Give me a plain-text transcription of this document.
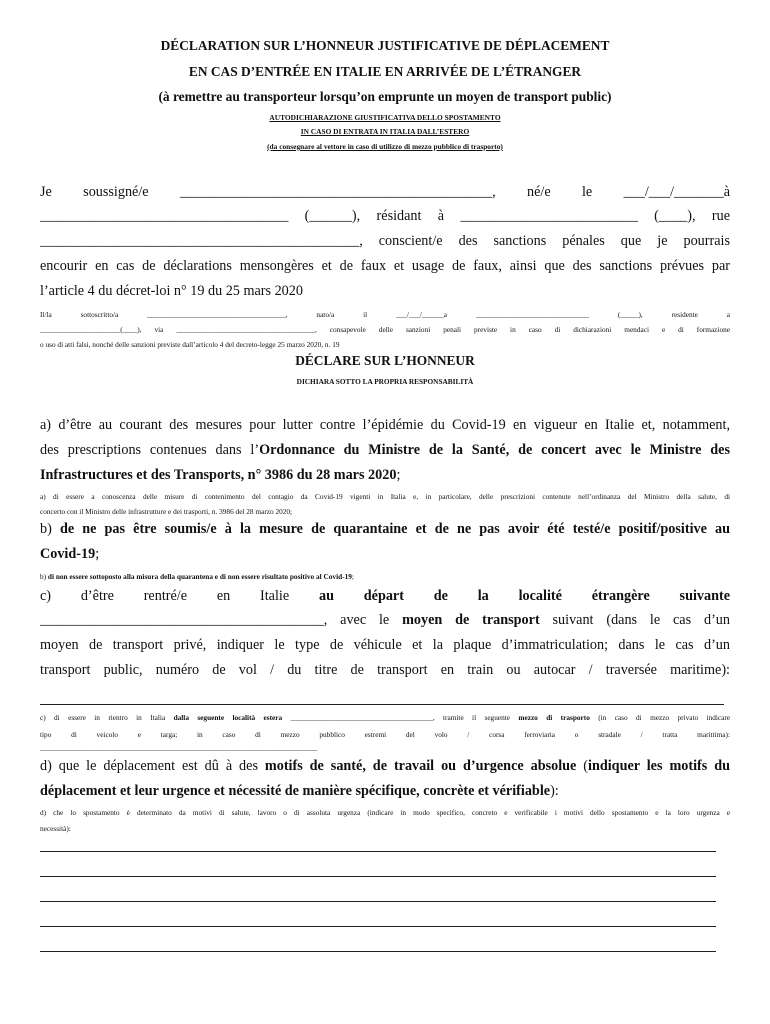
DÉCLARATION SUR L’HONNEUR JUSTIFICATIVE DE DÉPLACEMENT
EN CAS D’ENTRÉE EN ITALIE EN ARRIVÉE DE L’ÉTRANGER
(à remettre au transporteur lorsqu’on emprunte un moyen de transport public)
AUTODICHIARAZIONE GIUSTIFICATIVA DELLO SPOSTAMENTO
IN CASO DI ENTRATA IN ITALIA DALL’ESTERO
(da consegnare al vettore in caso di utilizzo di mezzo pubblico di trasporto)
Je soussigné/e ____________________________________________, né/e le ___/___/_______à
___________________________________ (______), résidant à _________________________ (____), rue
_____________________________________________, conscient/e des sanctions pénales que je pourrais
encourir en cas de déclarations mensongères et de faux et usage de faux, ainsi que des sanctions prévues par
l’article 4 du décret-loi n° 19 du 25 mars 2020
Il/la sottoscritto/a ______________________________________, nato/a il ___/___/______a _______________________________ (_____), residente a
______________________(____), via ______________________________________, consapevole delle sanzioni penali previste in caso di dichiarazioni mendaci e di formazione
o uso di atti falsi, nonché delle sanzioni previste dall’articolo 4 del decreto-legge 25 marzo 2020, n. 19
DÉCLARE SUR L’HONNEUR
DICHIARA SOTTO LA PROPRIA RESPONSABILITÀ
a) d’être au courant des mesures pour lutter contre l’épidémie du Covid-19 en vigueur en Italie et, notamment,
des prescriptions contenues dans l’Ordonnance du Ministre de la Santé, de concert avec le Ministre des
Infrastructures et des Transports, n° 3986 du 28 mars 2020;
a) di essere a conoscenza delle misure di contenimento del contagio da Covid-19 vigenti in Italia e, in particolare, delle prescrizioni contenute nell’ordinanza del Ministro della salute, di
concerto con il Ministro delle infrastrutture e dei trasporti, n. 3986 del 28 marzo 2020;
b) de ne pas être soumis/e à la mesure de quarantaine et de ne pas avoir été testé/e positif/positive au
Covid-19;
b) di non essere sottoposto alla misura della quarantena e di non essere risultato positivo al Covid-19;
c) d’être rentré/e en Italie au départ de la localité étrangère suivante
________________________________________, avec le moyen de transport suivant (dans le cas d’un
moyen de transport privé, indiquer le type de véhicule et la plaque d’immatriculation; dans le cas d’un
transport public, numéro de vol / du titre de transport en train ou autocar / traversée maritime):
c) di essere in rientro in Italia dalla seguente località estera _______________________________________, tramite il seguente mezzo di trasporto (in caso di mezzo privato indicare
tipo di veicolo e targa; in caso di mezzo pubblico estremi del volo / corsa ferroviaria o stradale / tratta marittima):
____________________________________________________________________________
d) que le déplacement est dû à des motifs de santé, de travail ou d’urgence absolue (indiquer les motifs du
déplacement et leur urgence et nécessité de manière spécifique, concrète et vérifiable):
d) che lo spostamento è determinato da motivi di salute, lavoro o di assoluta urgenza (indicare in modo specifico, concreto e verificabile i motivi dello spostamento e la loro urgenza e
necessità):
